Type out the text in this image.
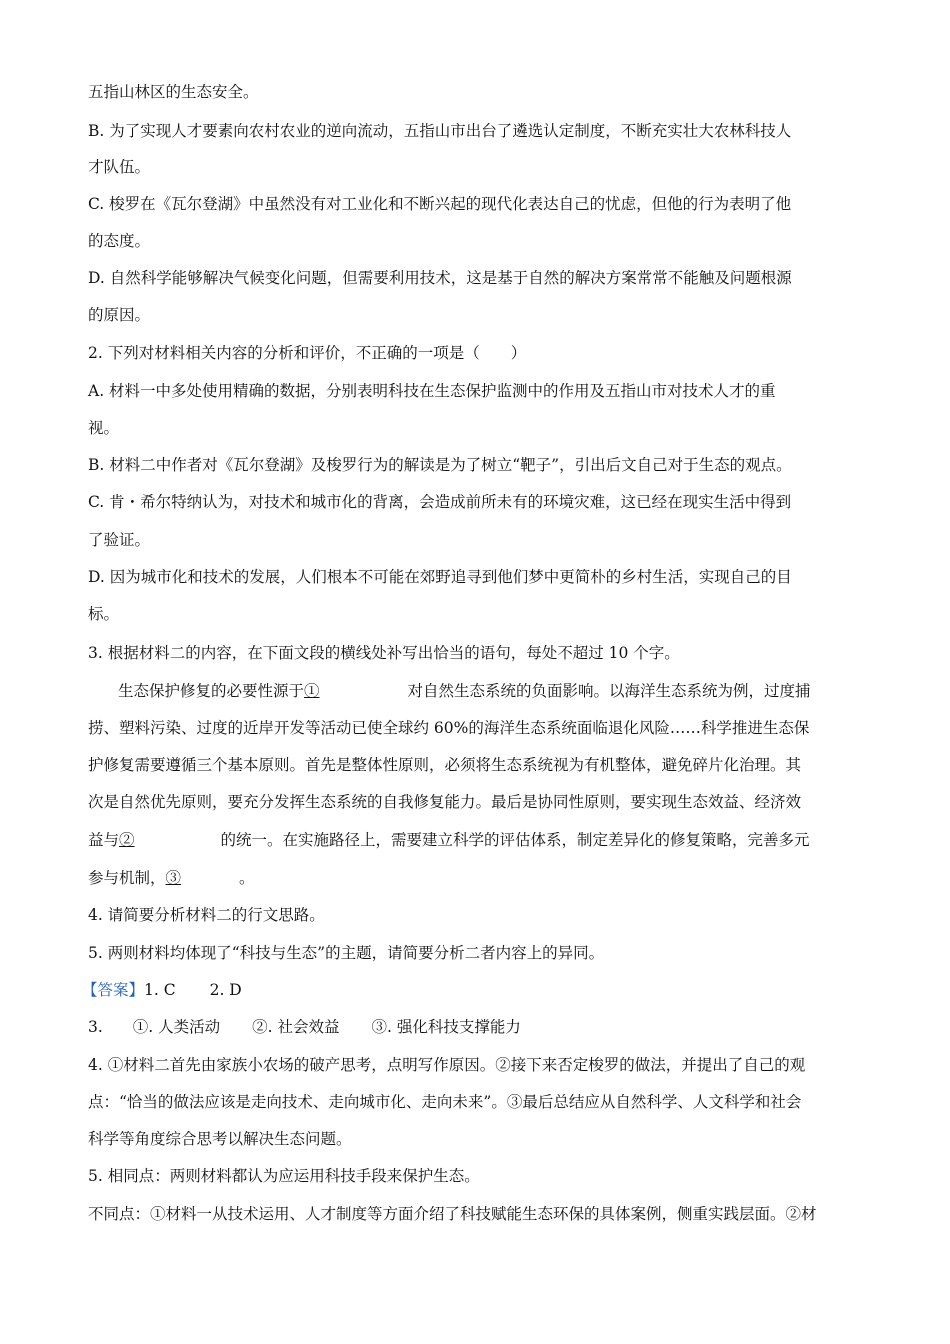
五指山林区的生态安全。
B. 为了实现人才要素向农村农业的逆向流动，五指山市出台了遴选认定制度，不断充实壮大农林科技人
才队伍。
C. 梭罗在《瓦尔登湖》中虽然没有对工业化和不断兴起的现代化表达自己的忧虑，但他的行为表明了他
的态度。
D. 自然科学能够解决气候变化问题，但需要利用技术，这是基于自然的解决方案常常不能触及问题根源
的原因。
2. 下列对材料相关内容的分析和评价，不正确的一项是（　　）
A. 材料一中多处使用精确的数据，分别表明科技在生态保护监测中的作用及五指山市对技术人才的重
视。
B. 材料二中作者对《瓦尔登湖》及梭罗行为的解读是为了树立“靶子”，引出后文自己对于生态的观点。
C. 肯・希尔特纳认为，对技术和城市化的背离，会造成前所未有的环境灾难，这已经在现实生活中得到
了验证。
D. 因为城市化和技术的发展，人们根本不可能在郊野追寻到他们梦中更简朴的乡村生活，实现自己的目
标。
3. 根据材料二的内容，在下面文段的横线处补写出恰当的语句，每处不超过 10 个字。
生态保护修复的必要性源于①	对自然生态系统的负面影响。以海洋生态系统为例，过度捕
捞、塑料污染、过度的近岸开发等活动已使全球约 60%的海洋生态系统面临退化风险……科学推进生态保
护修复需要遵循三个基本原则。首先是整体性原则，必须将生态系统视为有机整体，避免碎片化治理。其
次是自然优先原则，要充分发挥生态系统的自我修复能力。最后是协同性原则，要实现生态效益、经济效
益与②	的统一。在实施路径上，需要建立科学的评估体系，制定差异化的修复策略，完善多元
参与机制，③	。
4. 请简要分析材料二的行文思路。
5. 两则材料均体现了“科技与生态”的主题，请简要分析二者内容上的异同。
【答案】1. C 2. D
3. ①. 人类活动 ②. 社会效益 ③. 强化科技支撑能力
4. ①材料二首先由家族小农场的破产思考，点明写作原因。②接下来否定梭罗的做法，并提出了自己的观
点：“恰当的做法应该是走向技术、走向城市化、走向未来”。③最后总结应从自然科学、人文科学和社会
科学等角度综合思考以解决生态问题。
5. 相同点：两则材料都认为应运用科技手段来保护生态。
不同点：①材料一从技术运用、人才制度等方面介绍了科技赋能生态环保的具体案例，侧重实践层面。②材
